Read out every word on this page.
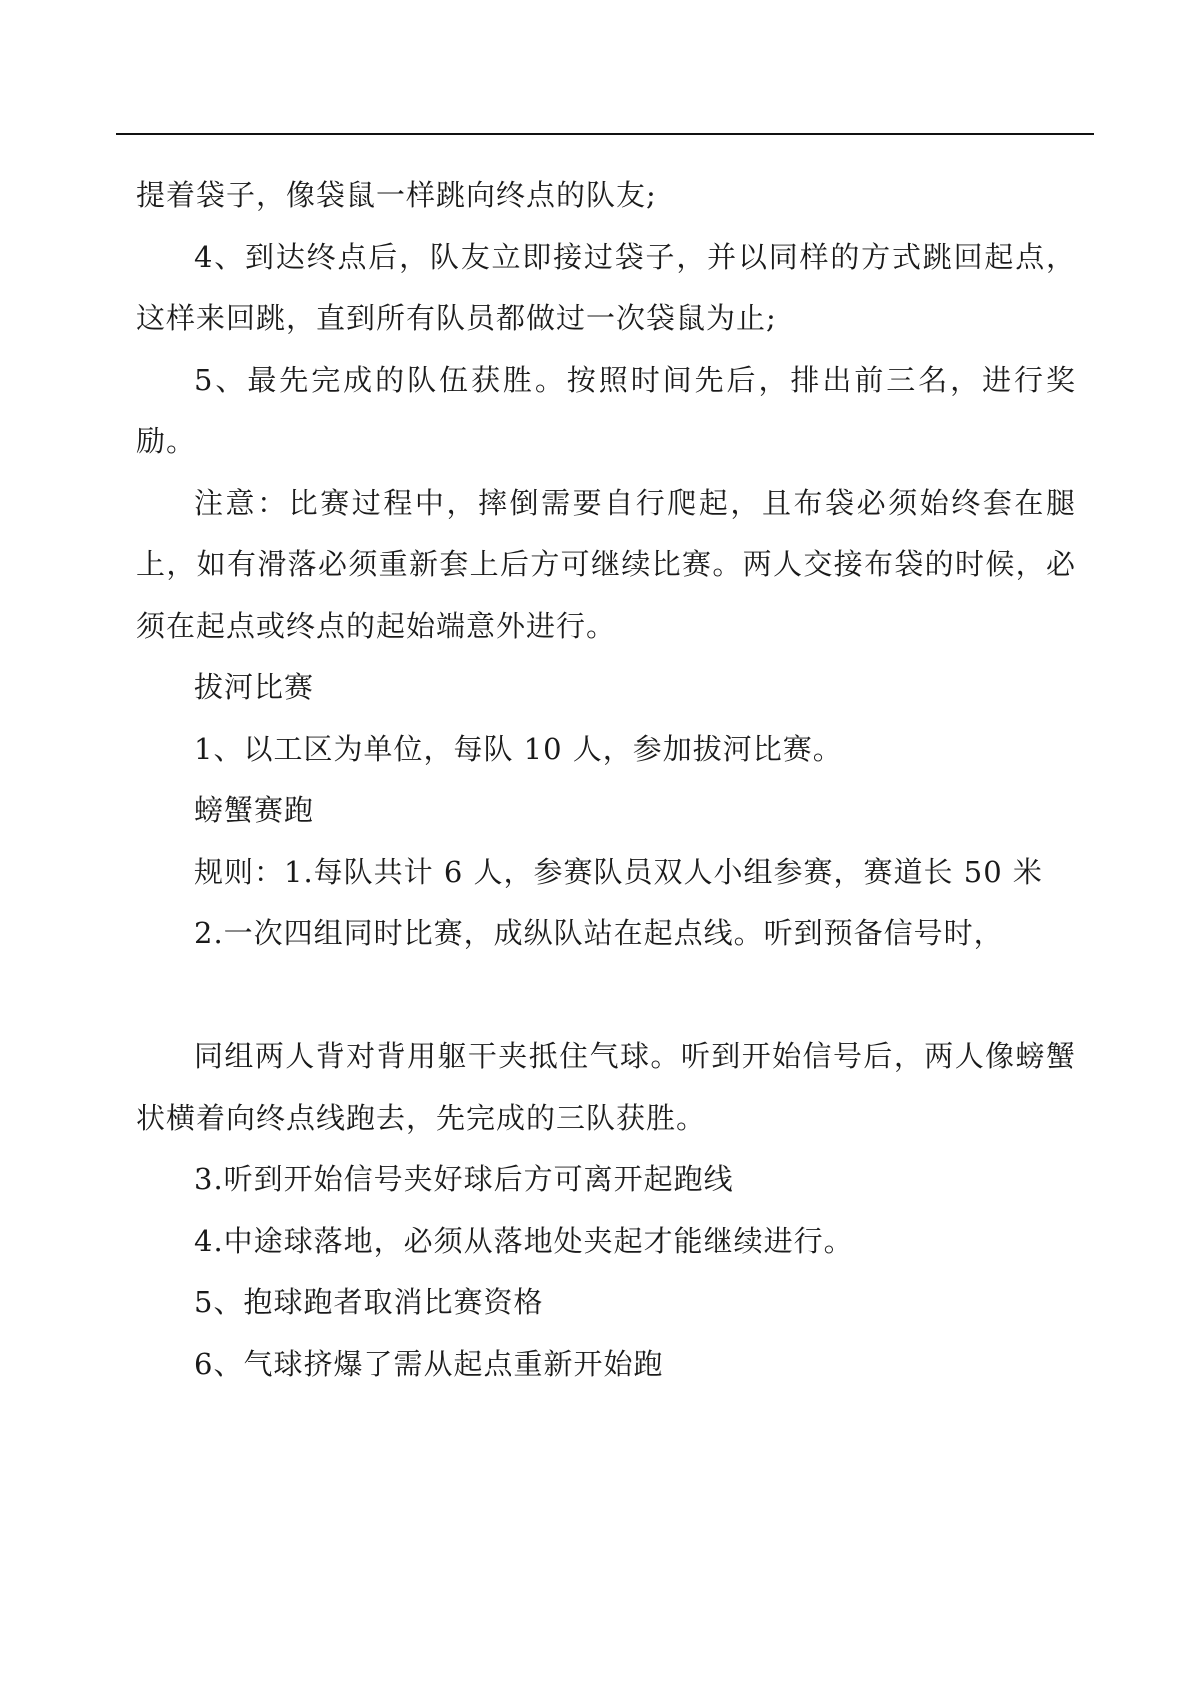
提着袋子，像袋鼠一样跳向终点的队友;

4、到达终点后，队友立即接过袋子，并以同样的方式跳回起点，这样来回跳，直到所有队员都做过一次袋鼠为止;

5、最先完成的队伍获胜。按照时间先后，排出前三名，进行奖励。

注意：比赛过程中，摔倒需要自行爬起，且布袋必须始终套在腿上，如有滑落必须重新套上后方可继续比赛。两人交接布袋的时候，必须在起点或终点的起始端意外进行。

拔河比赛

1、以工区为单位，每队 10 人，参加拔河比赛。

螃蟹赛跑

规则：1.每队共计 6 人，参赛队员双人小组参赛，赛道长 50 米

2.一次四组同时比赛，成纵队站在起点线。听到预备信号时，

同组两人背对背用躯干夹抵住气球。听到开始信号后，两人像螃蟹状横着向终点线跑去，先完成的三队获胜。

3.听到开始信号夹好球后方可离开起跑线

4.中途球落地，必须从落地处夹起才能继续进行。

5、抱球跑者取消比赛资格

6、气球挤爆了需从起点重新开始跑
